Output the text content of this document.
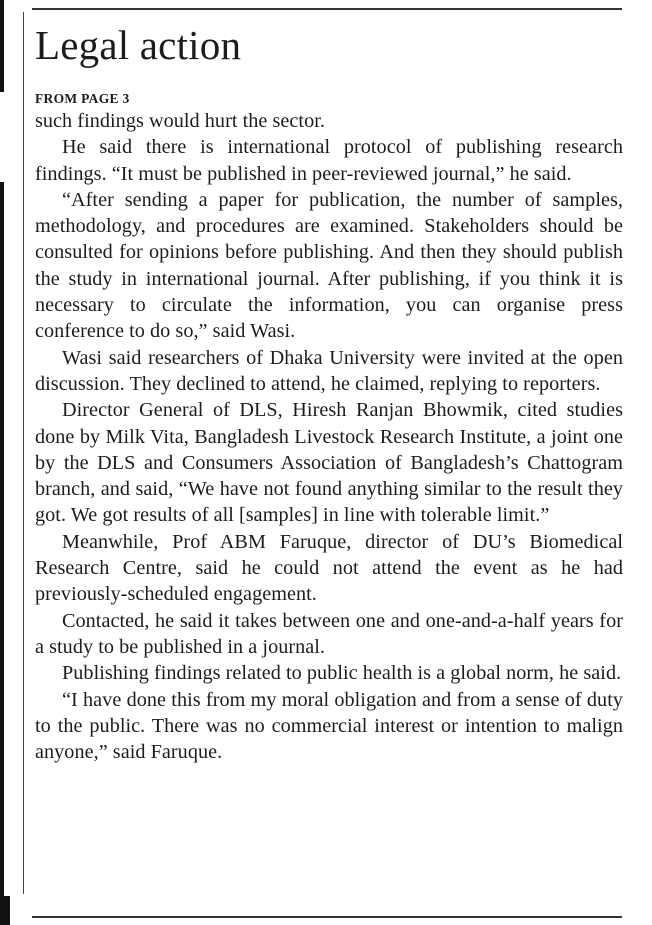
Legal action
FROM PAGE 3

such findings would hurt the sector.

He said there is international protocol of publishing research findings. “It must be published in peer-reviewed journal,” he said.

“After sending a paper for publication, the number of samples, methodology, and procedures are examined. Stakeholders should be consulted for opinions before publishing. And then they should publish the study in international journal. After publishing, if you think it is necessary to circulate the information, you can organise press conference to do so,” said Wasi.

Wasi said researchers of Dhaka University were invited at the open discussion. They declined to attend, he claimed, replying to reporters.

Director General of DLS, Hiresh Ranjan Bhowmik, cited studies done by Milk Vita, Bangladesh Livestock Research Institute, a joint one by the DLS and Consumers Association of Bangladesh’s Chattogram branch, and said, “We have not found anything similar to the result they got. We got results of all [samples] in line with tolerable limit.”

Meanwhile, Prof ABM Faruque, director of DU’s Biomedical Research Centre, said he could not attend the event as he had previously-scheduled engagement.

Contacted, he said it takes between one and one-and-a-half years for a study to be published in a journal.

Publishing findings related to public health is a global norm, he said.

“I have done this from my moral obligation and from a sense of duty to the public. There was no commercial interest or intention to malign anyone,” said Faruque.
